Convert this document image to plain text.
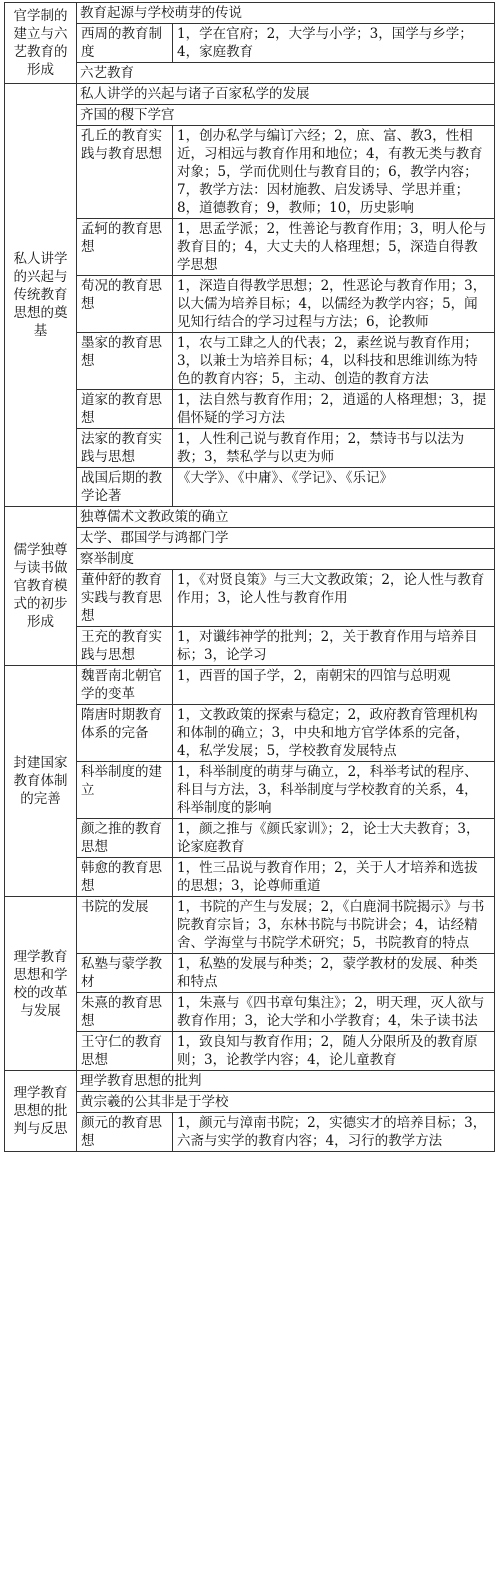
官学制的建立与六艺教育的形成	教育起源与学校萌芽的传说	
	西周的教育制度	1，学在官府；2，大学与小学；3，国学与乡学；4，家庭教育
	六艺教育	
私人讲学的兴起与传统教育思想的奠基	私人讲学的兴起与诸子百家私学的发展	
	齐国的稷下学宫	
	孔丘的教育实践与教育思想	1，创办私学与编订六经；2，庶、富、教3，性相近，习相远与教育作用和地位；4，有教无类与教育对象；5，学而优则仕与教育目的；6，教学内容；7，教学方法：因材施教、启发诱导、学思并重；8，道德教育；9，教师；10，历史影响
	孟轲的教育思想	1，思孟学派；2，性善论与教育作用；3，明人伦与教育目的；4，大丈夫的人格理想；5，深造自得教学思想
	荀况的教育思想	1，深造自得教学思想；2，性恶论与教育作用；3，以大儒为培养目标；4，以儒经为教学内容；5，闻见知行结合的学习过程与方法；6，论教师
	墨家的教育思想	1，农与工肆之人的代表；2，素丝说与教育作用；3，以兼士为培养目标；4，以科技和思维训练为特色的教育内容；5，主动、创造的教育方法
	道家的教育思想	1，法自然与教育作用；2，逍遥的人格理想；3，提倡怀疑的学习方法
	法家的教育实践与思想	1，人性利己说与教育作用；2，禁诗书与以法为教；3，禁私学与以吏为师
	战国后期的教学论著	《大学》、《中庸》、《学记》、《乐记》
儒学独尊与读书做官教育模式的初步形成	独尊儒术文教政策的确立	
	太学、郡国学与鸿都门学	
	察举制度	
	董仲舒的教育实践与教育思想	1，《对贤良策》与三大文教政策；2，论人性与教育作用；3，论人性与教育作用
	王充的教育实践与思想	1，对谶纬神学的批判；2，关于教育作用与培养目标；3，论学习
封建国家教育体制的完善	魏晋南北朝官学的变革	1，西晋的国子学，2，南朝宋的四馆与总明观
	隋唐时期教育体系的完备	1，文教政策的探索与稳定；2，政府教育管理机构和体制的确立；3，中央和地方官学体系的完备，4，私学发展；5，学校教育发展特点
	科举制度的建立	1，科举制度的萌芽与确立，2，科举考试的程序、科目与方法，3，科举制度与学校教育的关系，4，科举制度的影响
	颜之推的教育思想	1，颜之推与《颜氏家训》；2，论士大夫教育；3，论家庭教育
	韩愈的教育思想	1，性三品说与教育作用；2，关于人才培养和选拔的思想；3，论尊师重道
理学教育思想和学校的改革与发展	书院的发展	1，书院的产生与发展；2，《白鹿洞书院揭示》与书院教育宗旨；3，东林书院与书院讲会；4，诂经精舍、学海堂与书院学术研究；5，书院教育的特点
	私塾与蒙学教材	1，私塾的发展与种类；2，蒙学教材的发展、种类和特点
	朱熹的教育思想	1，朱熹与《四书章句集注》；2，明天理，灭人欲与教育作用；3，论大学和小学教育；4，朱子读书法
	王守仁的教育思想	1，致良知与教育作用；2，随人分限所及的教育原则；3，论教学内容；4，论儿童教育
理学教育思想的批判与反思	理学教育思想的批判	
	黄宗羲的公其非是于学校	
	颜元的教育思想	1，颜元与漳南书院；2，实德实才的培养目标；3，六斋与实学的教育内容；4，习行的教学方法
